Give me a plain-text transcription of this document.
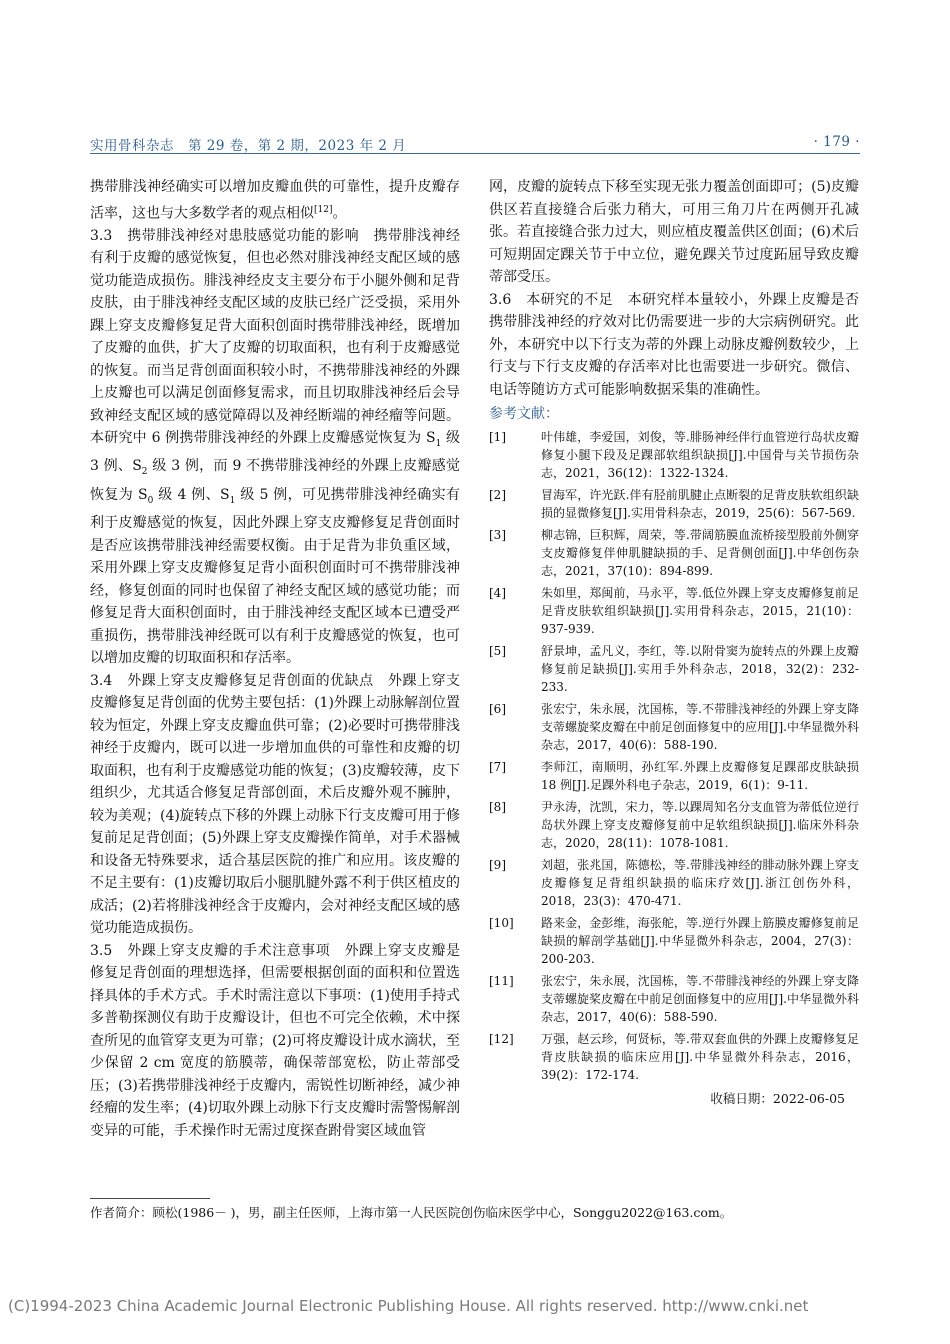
实用骨科杂志　第 29 卷，第 2 期，2023 年 2 月	· 179 ·

携带腓浅神经确实可以增加皮瓣血供的可靠性，提升皮瓣存活率，这也与大多数学者的观点相似[12]。

3.3　携带腓浅神经对患肢感觉功能的影响　携带腓浅神经有利于皮瓣的感觉恢复，但也必然对腓浅神经支配区域的感觉功能造成损伤。腓浅神经皮支主要分布于小腿外侧和足背皮肤，由于腓浅神经支配区域的皮肤已经广泛受损，采用外踝上穿支皮瓣修复足背大面积创面时携带腓浅神经，既增加了皮瓣的血供，扩大了皮瓣的切取面积，也有利于皮瓣感觉的恢复。而当足背创面面积较小时，不携带腓浅神经的外踝上皮瓣也可以满足创面修复需求，而且切取腓浅神经后会导致神经支配区域的感觉障碍以及神经断端的神经瘤等问题。本研究中 6 例携带腓浅神经的外踝上皮瓣感觉恢复为 $S_1$ 级 3 例、$S_2$ 级 3 例，而 9 不携带腓浅神经的外踝上皮瓣感觉恢复为 $S_0$ 级 4 例、$S_1$ 级 5 例，可见携带腓浅神经确实有利于皮瓣感觉的恢复，因此外踝上穿支皮瓣修复足背创面时是否应该携带腓浅神经需要权衡。由于足背为非负重区域，采用外踝上穿支皮瓣修复足背小面积创面时可不携带腓浅神经，修复创面的同时也保留了神经支配区域的感觉功能；而修复足背大面积创面时，由于腓浅神经支配区域本已遭受严重损伤，携带腓浅神经既可以有利于皮瓣感觉的恢复，也可以增加皮瓣的切取面积和存活率。

3.4　外踝上穿支皮瓣修复足背创面的优缺点　外踝上穿支皮瓣修复足背创面的优势主要包括：(1)外踝上动脉解剖位置较为恒定，外踝上穿支皮瓣血供可靠；(2)必要时可携带腓浅神经于皮瓣内，既可以进一步增加血供的可靠性和皮瓣的切取面积，也有利于皮瓣感觉功能的恢复；(3)皮瓣较薄，皮下组织少，尤其适合修复足背部创面，术后皮瓣外观不臃肿，较为美观；(4)旋转点下移的外踝上动脉下行支皮瓣可用于修复前足足背创面；(5)外踝上穿支皮瓣操作简单，对手术器械和设备无特殊要求，适合基层医院的推广和应用。该皮瓣的不足主要有：(1)皮瓣切取后小腿肌腱外露不利于供区植皮的成活；(2)若将腓浅神经含于皮瓣内，会对神经支配区域的感觉功能造成损伤。

3.5　外踝上穿支皮瓣的手术注意事项　外踝上穿支皮瓣是修复足背创面的理想选择，但需要根据创面的面积和位置选择具体的手术方式。手术时需注意以下事项：(1)使用手持式多普勒探测仪有助于皮瓣设计，但也不可完全依赖，术中探查所见的血管穿支更为可靠；(2)可将皮瓣设计成水滴状，至少保留 2 cm 宽度的筋膜蒂，确保蒂部宽松，防止蒂部受压；(3)若携带腓浅神经于皮瓣内，需锐性切断神经，减少神经瘤的发生率；(4)切取外踝上动脉下行支皮瓣时需警惕解剖变异的可能，手术操作时无需过度探查跗骨窦区域血管

网，皮瓣的旋转点下移至实现无张力覆盖创面即可；(5)皮瓣供区若直接缝合后张力稍大，可用三角刀片在两侧开孔减张。若直接缝合张力过大，则应植皮覆盖供区创面；(6)术后可短期固定踝关节于中立位，避免踝关节过度跖屈导致皮瓣蒂部受压。

3.6　本研究的不足　本研究样本量较小，外踝上皮瓣是否携带腓浅神经的疗效对比仍需要进一步的大宗病例研究。此外，本研究中以下行支为蒂的外踝上动脉皮瓣例数较少，上行支与下行支皮瓣的存活率对比也需要进一步研究。微信、电话等随访方式可能影响数据采集的准确性。

参考文献：
[1]	叶伟雄，李爱国，刘俊，等.腓肠神经伴行血管逆行岛状皮瓣修复小腿下段及足踝部软组织缺损[J].中国骨与关节损伤杂志，2021，36(12)：1322-1324.
[2]	冒海军，许光跃.伴有胫前肌腱止点断裂的足背皮肤软组织缺损的显微修复[J].实用骨科杂志，2019，25(6)：567-569.
[3]	柳志锦，巨积辉，周荣，等.带阔筋膜血流桥接型股前外侧穿支皮瓣修复伴伸肌腱缺损的手、足背侧创面[J].中华创伤杂志，2021，37(10)：894-899.
[4]	朱如里，郑闽前，马永平，等.低位外踝上穿支皮瓣修复前足足背皮肤软组织缺损[J].实用骨科杂志，2015，21(10)：937-939.
[5]	舒景坤，孟凡义，李红，等.以附骨窦为旋转点的外踝上皮瓣修复前足缺损[J].实用手外科杂志，2018，32(2)：232-233.
[6]	张宏宁，朱永展，沈国栋，等.不带腓浅神经的外踝上穿支降支蒂螺旋桨皮瓣在中前足创面修复中的应用[J].中华显微外科杂志，2017，40(6)：588-190.
[7]	李师江，南顺明，孙红军.外踝上皮瓣修复足踝部皮肤缺损 18 例[J].足踝外科电子杂志，2019，6(1)：9-11.
[8]	尹永涛，沈凯，宋力，等.以踝周知名分支血管为蒂低位逆行岛状外踝上穿支皮瓣修复前中足软组织缺损[J].临床外科杂志，2020，28(11)：1078-1081.
[9]	刘超，张兆国，陈德松，等.带腓浅神经的腓动脉外踝上穿支皮瓣修复足背组织缺损的临床疗效[J].浙江创伤外科，2018，23(3)：470-471.
[10]	路来金，金彭维，海张舵，等.逆行外踝上筋膜皮瓣修复前足缺损的解剖学基础[J].中华显微外科杂志，2004，27(3)：200-203.
[11]	张宏宁，朱永展，沈国栋，等.不带腓浅神经的外踝上穿支降支蒂螺旋桨皮瓣在中前足创面修复中的应用[J].中华显微外科杂志，2017，40(6)：588-590.
[12]	万强，赵云珍，何贤标，等.带双套血供的外踝上皮瓣修复足背皮肤缺损的临床应用[J].中华显微外科杂志，2016，39(2)：172-174.
收稿日期：2022-06-05
作者简介：顾松(1986－ )，男，副主任医师，上海市第一人民医院创伤临床医学中心，Songgu2022@163.com。
(C)1994-2023 China Academic Journal Electronic Publishing House. All rights reserved. http://www.cnki.net
